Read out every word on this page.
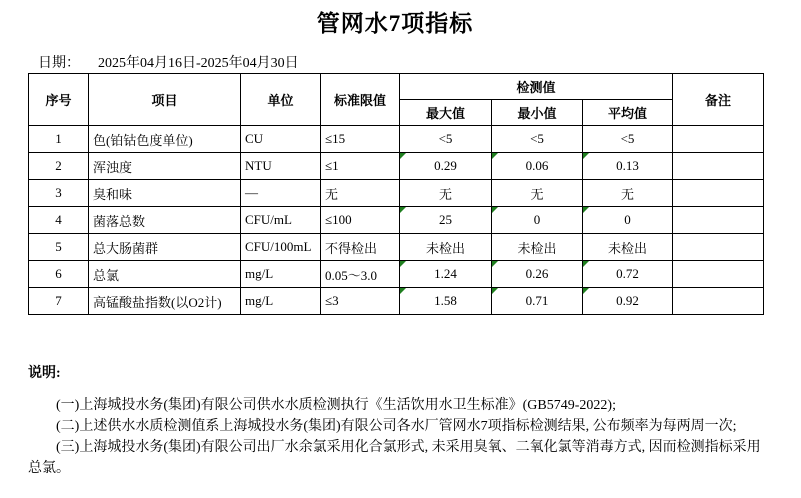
管网水7项指标
日期： 2025年04月16日-2025年04月30日
序号	项目	单位	标准限值	检测值			备注
				最大值	最小值	平均值	
1	色(铂钴色度单位)	CU	≤15	<5	<5	<5	
2	浑浊度	NTU	≤1	0.29	0.06	0.13	
3	臭和味	—	无	无	无	无	
4	菌落总数	CFU/mL	≤100	25	0	0	
5	总大肠菌群	CFU/100mL	不得检出	未检出	未检出	未检出	
6	总氯	mg/L	0.05～3.0	1.24	0.26	0.72	
7	高锰酸盐指数(以O2计)	mg/L	≤3	1.58	0.71	0.92	
说明:

(一)上海城投水务(集团)有限公司供水水质检测执行《生活饮用水卫生标准》(GB5749-2022);

(二)上述供水水质检测值系上海城投水务(集团)有限公司各水厂管网水7项指标检测结果, 公布频率为每两周一次;

(三)上海城投水务(集团)有限公司出厂水余氯采用化合氯形式, 未采用臭氧、二氧化氯等消毒方式, 因而检测指标采用总氯。
